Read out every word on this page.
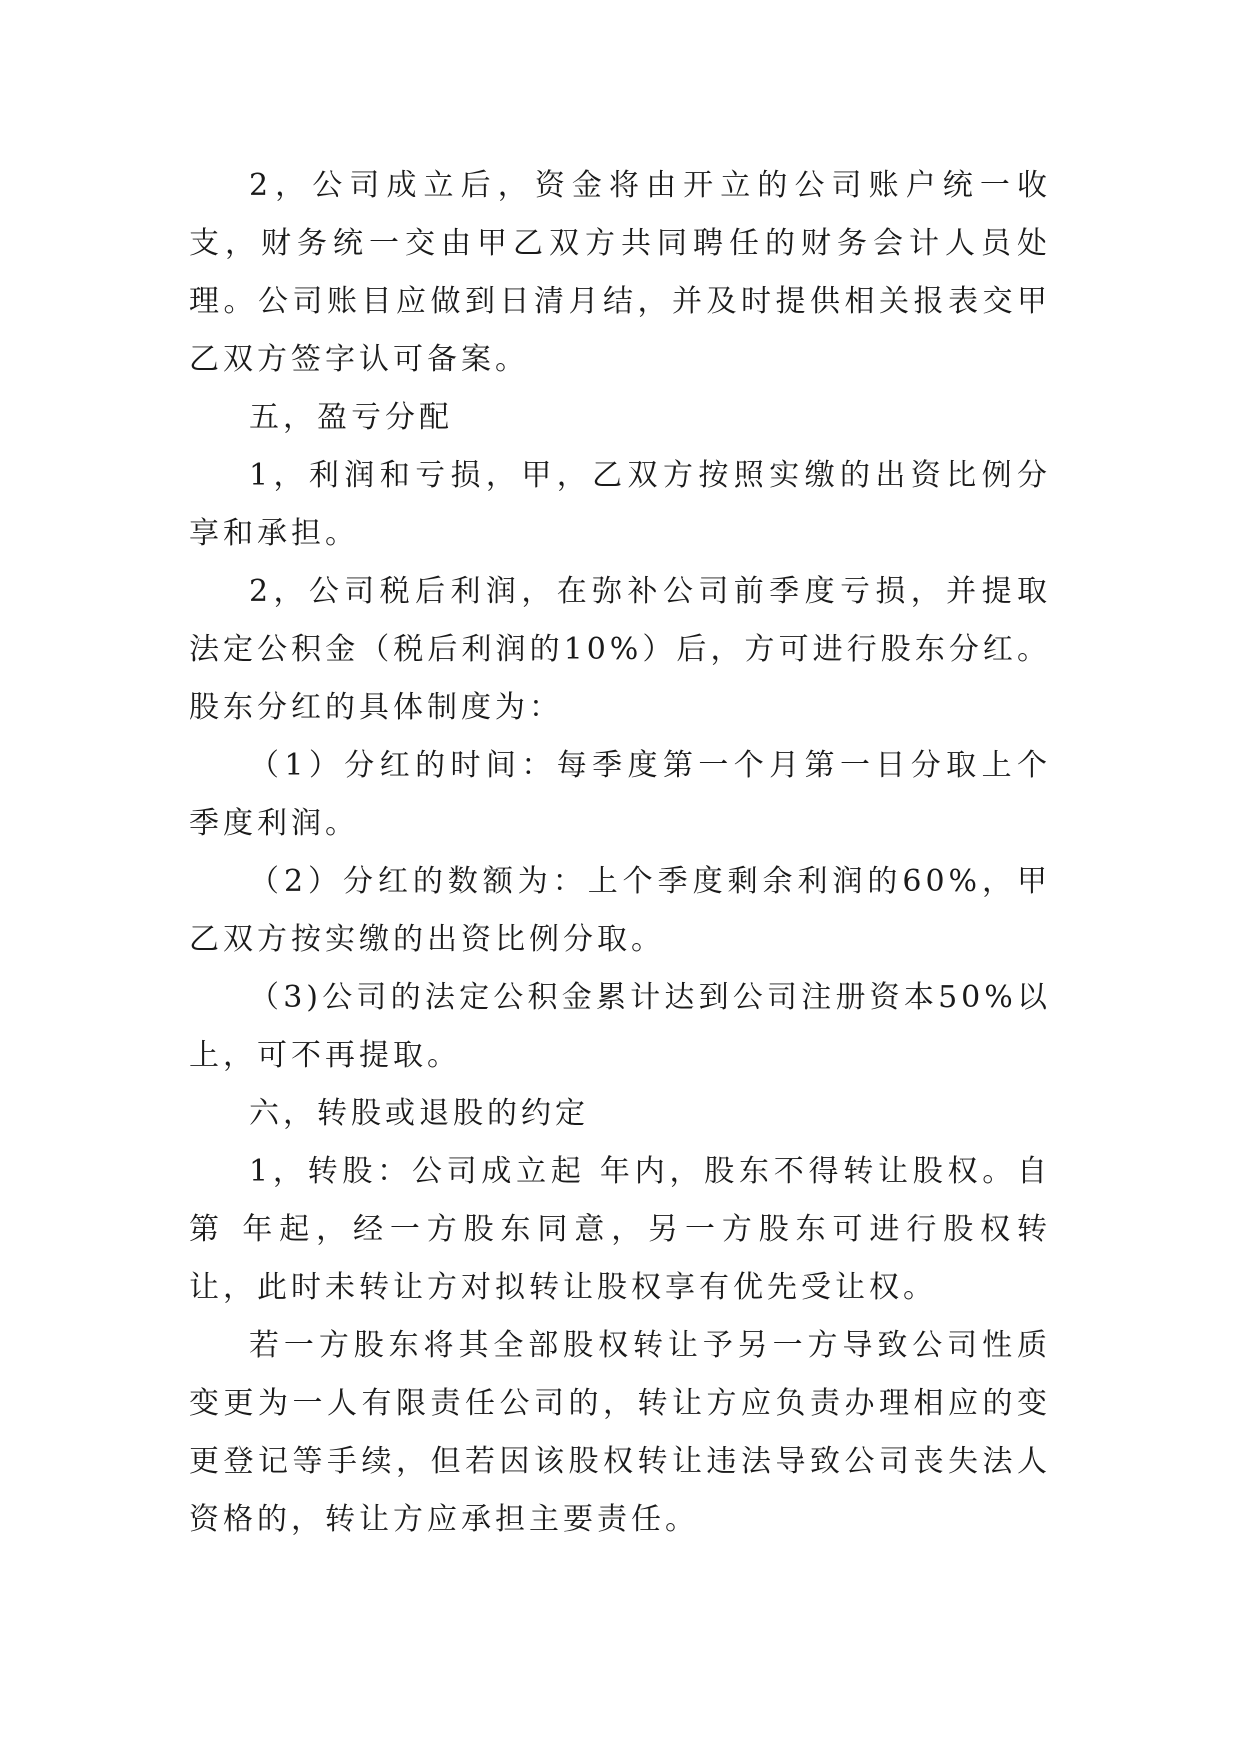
2，公司成立后，资金将由开立的公司账户统一收支，财务统一交由甲乙双方共同聘任的财务会计人员处理。公司账目应做到日清月结，并及时提供相关报表交甲乙双方签字认可备案。

五，盈亏分配

1，利润和亏损，甲，乙双方按照实缴的出资比例分享和承担。

2，公司税后利润，在弥补公司前季度亏损，并提取法定公积金（税后利润的10%）后，方可进行股东分红。股东分红的具体制度为：

（1）分红的时间：每季度第一个月第一日分取上个季度利润。

（2）分红的数额为：上个季度剩余利润的60%，甲乙双方按实缴的出资比例分取。

（3)公司的法定公积金累计达到公司注册资本50%以上，可不再提取。

六，转股或退股的约定

1，转股：公司成立起 年内，股东不得转让股权。自第 年起，经一方股东同意，另一方股东可进行股权转让，此时未转让方对拟转让股权享有优先受让权。

若一方股东将其全部股权转让予另一方导致公司性质变更为一人有限责任公司的，转让方应负责办理相应的变更登记等手续，但若因该股权转让违法导致公司丧失法人资格的，转让方应承担主要责任。
